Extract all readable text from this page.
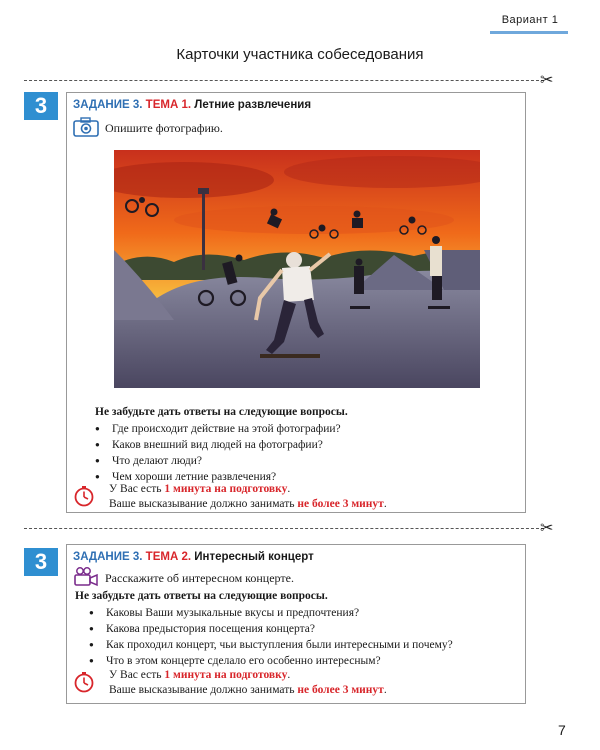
Вариант 1
Карточки участника собеседования
✂
3	ЗАДАНИЕ 3. ТЕМА 1. Летние развлечения
Опишите фотографию.
Не забудьте дать ответы на следующие вопросы.
● Где происходит действие на этой фотографии?
● Каков внешний вид людей на фотографии?
● Что делают люди?
● Чем хороши летние развлечения?
У Вас есть 1 минута на подготовку.
Ваше высказывание должно занимать не более 3 минут.
✂
3	ЗАДАНИЕ 3. ТЕМА 2. Интересный концерт
Расскажите об интересном концерте.
Не забудьте дать ответы на следующие вопросы.
● Каковы Ваши музыкальные вкусы и предпочтения?
● Какова предыстория посещения концерта?
● Как проходил концерт, чьи выступления были интересными и почему?
● Что в этом концерте сделало его особенно интересным?
У Вас есть 1 минута на подготовку.
Ваше высказывание должно занимать не более 3 минут.
7
